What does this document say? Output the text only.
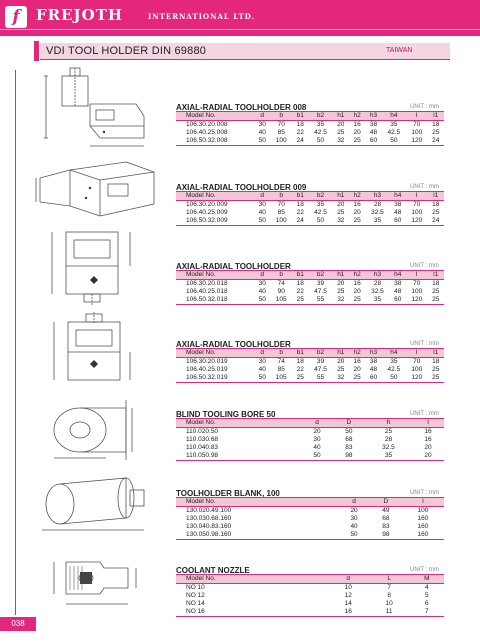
f	FREJOTH	INTERNATIONAL LTD.
VDI TOOL HOLDER DIN 69880	TAIWAN
038
AXIAL-RADIAL TOOLHOLDER 008	UNIT : mm
Model No.	d	b	b1	b2	h1	h2	h3	h4	l	l1
106.30.20.008	30	70	18	35	20	16	38	35	70	18
106.40.25.008	40	85	22	42.5	25	20	48	42.5	100	25
106.50.32.008	50	100	24	50	32	25	60	50	120	24
AXIAL-RADIAL TOOLHOLDER 009	UNIT : mm
Model No.	d	b	b1	b2	h1	h2	h3	h4	l	l1
106.30.20.009	30	70	18	35	20	16	28	38	70	18
106.40.25.009	40	85	22	42.5	25	20	32.5	48	100	25
106.50.32.009	50	100	24	50	32	25	35	60	120	24
AXIAL-RADIAL TOOLHOLDER	UNIT : mm
Model No.	d	b	b1	b2	h1	h2	h3	h4	l	l1
106.30.20.018	30	74	18	39	20	16	28	38	70	18
106.40.25.018	40	90	22	47.5	25	20	32.5	48	100	25
106.50.32.018	50	105	25	55	32	25	35	60	120	25
AXIAL-RADIAL TOOLHOLDER	UNIT : mm
Model No.	d	b	b1	b2	h1	h2	h3	h4	l	l1
106.30.20.019	30	74	18	39	20	16	38	35	70	18
106.40.25.019	40	85	22	47.5	25	20	48	42.5	100	25
106.50.32.019	50	105	25	55	32	25	60	50	120	25
BLIND TOOLING BORE 50	UNIT : mm
Model No.	d	D	h	l
110.020.50	20	50	25	16
110.030.68	30	68	28	16
110.040.83	40	83	32.5	20
110.050.98	50	98	35	20
TOOLHOLDER BLANK, 100	UNIT : mm
Model No.	d	D	l
130.020.49.100	20	49	100
130.030.68.160	30	68	160
130.040.83.160	40	83	160
130.050.98.160	50	98	160
COOLANT NOZZLE	UNIT : mm
Model No.	d	L	M
NO 10	10	7	4
NO 12	12	8	5
NO 14	14	10	6
NO 16	16	11	7
